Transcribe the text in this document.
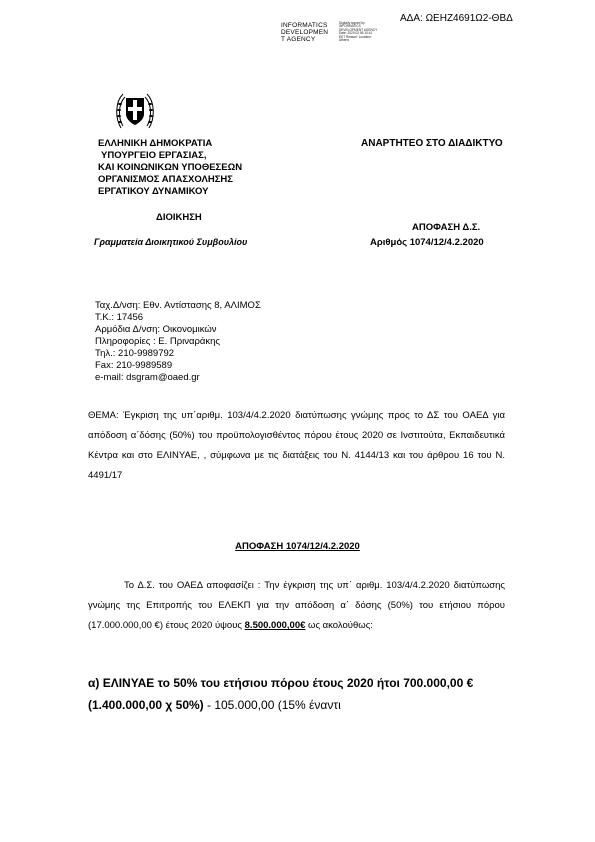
ΑΔΑ: ΩΕΗΖ4691Ω2-ΘΒΔ
INFORMATICS
DEVELOPMEN
T AGENCY
Digitally signed by INFORMATICS DEVELOPMENT AGENCY Date: 2020.02.06 10:41 EET Reason: Location: Athens
ΕΛΛΗΝΙΚΗ ΔΗΜΟΚΡΑΤΙΑ
ΥΠΟΥΡΓΕΙΟ ΕΡΓΑΣΙΑΣ,
ΚΑΙ ΚΟΙΝΩΝΙΚΩΝ ΥΠΟΘΕΣΕΩΝ
ΟΡΓΑΝΙΣΜΟΣ ΑΠΑΣΧΟΛΗΣΗΣ
ΕΡΓΑΤΙΚΟΥ ΔΥΝΑΜΙΚΟΥ
ΑΝΑΡΤΗΤΕΟ ΣΤΟ ΔΙΑΔΙΚΤΥΟ
ΔΙΟΙΚΗΣΗ
Γραμματεία Διοικητικού Συμβουλίου
ΑΠΟΦΑΣΗ Δ.Σ.
Αριθμός 1074/12/4.2.2020
Ταχ.Δ/νση: Εθν. Αντίστασης 8, ΑΛΙΜΟΣ
Τ.Κ.: 17456
Αρμόδια Δ/νση: Οικονομικών
Πληροφορίες : Ε. Πριναράκης
Τηλ.: 210-9989792
Fax: 210-9989589
e-mail: dsgram@oaed.gr
ΘΕΜΑ: Έγκριση της υπ΄αριθμ. 103/4/4.2.2020 διατύπωσης γνώμης προς το ΔΣ του ΟΑΕΔ για απόδοση α΄δόσης (50%) του προϋπολογισθέντος πόρου έτους 2020 σε Ινστιτούτα, Εκπαιδευτικά Κέντρα και στο ΕΛΙΝΥΑΕ, , σύμφωνα με τις διατάξεις του Ν. 4144/13 και του άρθρου 16 του Ν. 4491/17
ΑΠΟΦΑΣΗ 1074/12/4.2.2020
Το Δ.Σ. του ΟΑΕΔ αποφασίζει : Την έγκριση της υπ΄ αριθμ. 103/4/4.2.2020 διατύπωσης γνώμης της Επιτροπής του ΕΛΕΚΠ για την απόδοση α΄ δόσης (50%) του ετήσιου πόρου (17.000.000,00 €) έτους 2020 ύψους 8.500.000,00€ ως ακολούθως:
α) ΕΛΙΝΥΑΕ το 50% του ετήσιου πόρου έτους 2020 ήτοι 700.000,00 € (1.400.000,00 χ 50%) - 105.000,00 (15% έναντι
